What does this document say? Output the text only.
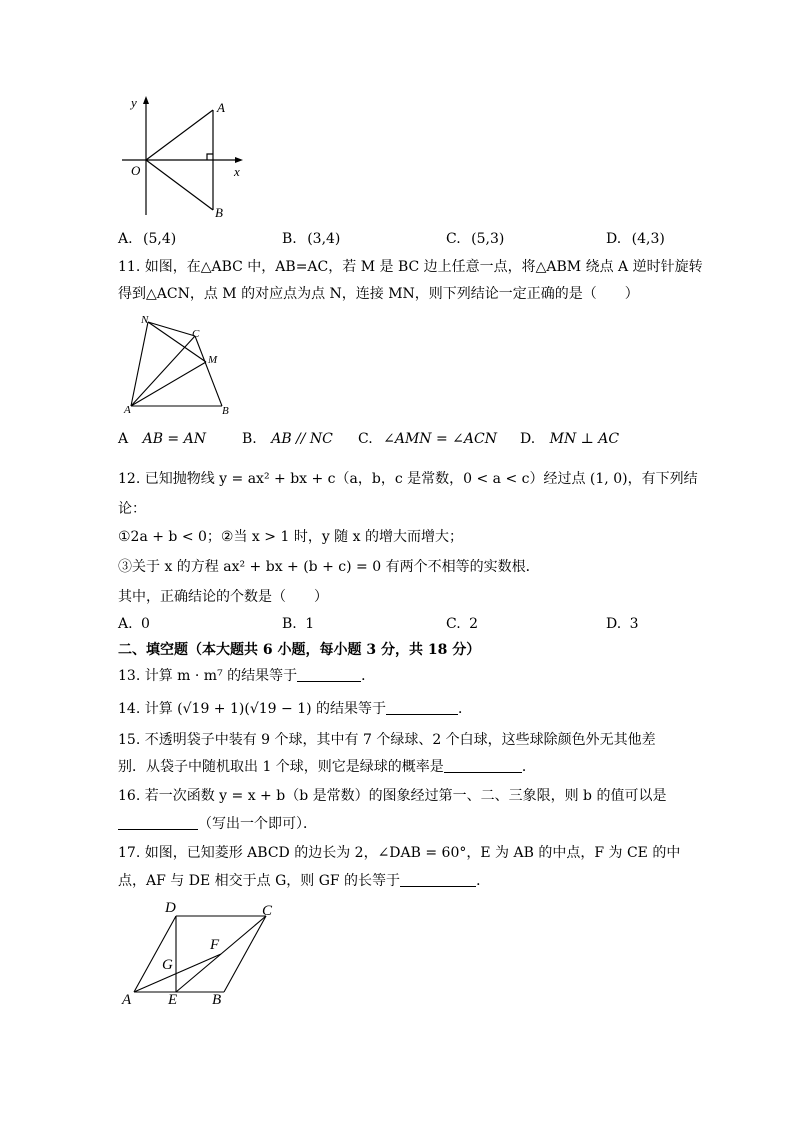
y	A
x
O
B
A. (5,4)	B. (3,4)	C. (5,3)	D. (4,3)
11. 如图，在△ABC 中，AB=AC，若 M 是 BC 边上任意一点，将△ABM 绕点 A 逆时针旋转
得到△ACN，点 M 的对应点为点 N，连接 MN，则下列结论一定正确的是（　　）
N
C
M
A	B
A AB = AN	B. AB // NC C. ∠AMN = ∠ACN D. MN ⊥ AC
12. 已知抛物线 y = ax² + bx + c（a，b，c 是常数，0 < a < c）经过点 (1, 0)，有下列结
论：
①2a + b < 0；②当 x > 1 时，y 随 x 的增大而增大；
③关于 x 的方程 ax² + bx + (b + c) = 0 有两个不相等的实数根．
其中，正确结论的个数是（　　）
A. 0	B. 1	C. 2	D. 3
二、填空题（本大题共 6 小题，每小题 3 分，共 18 分）
13. 计算 m · m⁷ 的结果等于	．
14. 计算 (√19 + 1)(√19 − 1) 的结果等于	．
15. 不透明袋子中装有 9 个球，其中有 7 个绿球、2 个白球，这些球除颜色外无其他差
别．从袋子中随机取出 1 个球，则它是绿球的概率是	．
16. 若一次函数 y = x + b（b 是常数）的图象经过第一、二、三象限，则 b 的值可以是
（写出一个即可）．
17. 如图，已知菱形 ABCD 的边长为 2，∠DAB = 60°，E 为 AB 的中点，F 为 CE 的中
点，AF 与 DE 相交于点 G，则 GF 的长等于	．
D	C
F
G
A E B
